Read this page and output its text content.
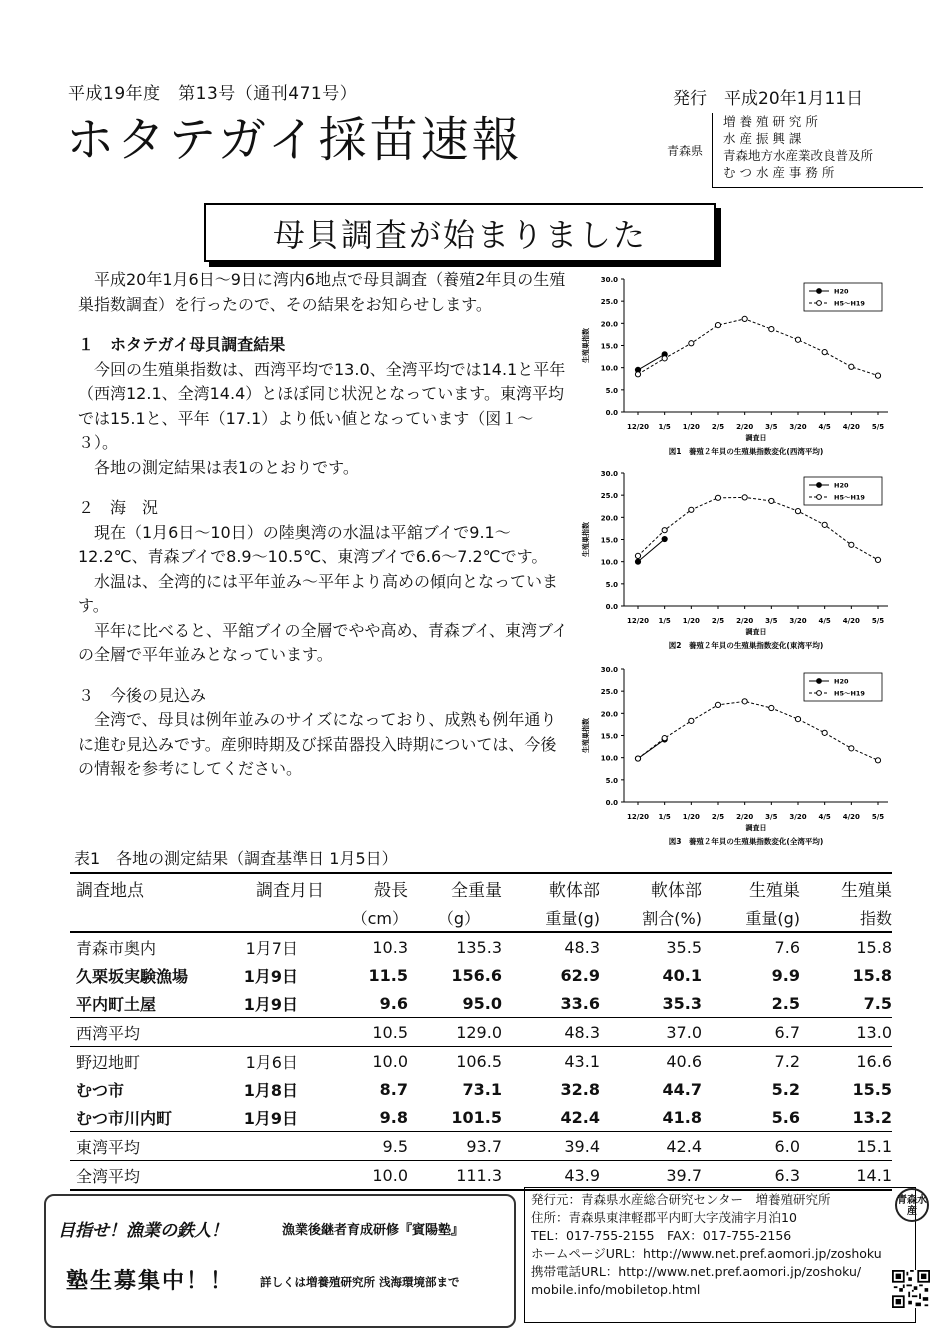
平成19年度　第13号（通刊471号）	発行　平成20年1月11日
ホタテガイ採苗速報	青森県
増 養 殖 研 究 所
水 産 振 興 課
青森地方水産業改良普及所
む つ 水 産 事 務 所
母貝調査が始まりました

平成20年1月6日～9日に湾内6地点で母貝調査（養殖2年貝の生殖巣指数調査）を行ったので、その結果をお知らせします。

１　ホタテガイ母貝調査結果

今回の生殖巣指数は、西湾平均で13.0、全湾平均では14.1と平年（西湾12.1、全湾14.4）とほぼ同じ状況となっています。東湾平均では15.1と、平年（17.1）より低い値となっています（図１～３）。

各地の測定結果は表1のとおりです。

２　海　況

現在（1月6日～10日）の陸奥湾の水温は平舘ブイで9.1～12.2℃、青森ブイで8.9～10.5℃、東湾ブイで6.6～7.2℃です。

水温は、全湾的には平年並み～平年より高めの傾向となっています。

平年に比べると、平舘ブイの全層でやや高め、青森ブイ、東湾ブイの全層で平年並みとなっています。

３　今後の見込み

全湾で、母貝は例年並みのサイズになっており、成熟も例年通りに進む見込みです。産卵時期及び採苗器投入時期については、今後の情報を参考にしてください。

0.0
5.0
10.0
15.0
20.0
25.0
30.0
12/20 1/5 1/20 2/5 2/20 3/5 3/20 4/5 4/20 5/5
調査日
生殖巣指数
図1　養殖２年貝の生殖巣指数変化(西湾平均)
H20
H5～H19
0.0
5.0
10.0
15.0
20.0
25.0
30.0
12/20 1/5 1/20 2/5 2/20 3/5 3/20 4/5 4/20 5/5
調査日
生殖巣指数
図2　養殖２年貝の生殖巣指数変化(東湾平均)
H20
H5～H19
0.0
5.0
10.0
15.0
20.0
25.0
30.0
12/20 1/5 1/20 2/5 2/20 3/5 3/20 4/5 4/20 5/5
調査日
生殖巣指数
図3　養殖２年貝の生殖巣指数変化(全湾平均)
H20
H5～H19
表1　各地の測定結果（調査基準日 1月5日）
調査地点	調査月日	殻長	全重量	軟体部	軟体部	生殖巣	生殖巣
		（cm）	（g）	重量(g)	割合(%)	重量(g)	指数
青森市奥内	1月7日	10.3	135.3	48.3	35.5	7.6	15.8
久栗坂実験漁場	1月9日	11.5	156.6	62.9	40.1	9.9	15.8
平内町土屋	1月9日	9.6	95.0	33.6	35.3	2.5	7.5
西湾平均		10.5	129.0	48.3	37.0	6.7	13.0
野辺地町	1月6日	10.0	106.5	43.1	40.6	7.2	16.6
むつ市	1月8日	8.7	73.1	32.8	44.7	5.2	15.5
むつ市川内町	1月9日	9.8	101.5	42.4	41.8	5.6	13.2
東湾平均		9.5	93.7	39.4	42.4	6.0	15.1
全湾平均		10.0	111.3	43.9	39.7	6.3	14.1
目指せ！漁業の鉄人！	漁業後継者育成研修『賓陽塾』
塾生募集中！！ 詳しくは増養殖研究所 浅海環境部まで
発行元：青森県水産総合研究センター　増養殖研究所
住所：青森県東津軽郡平内町大字茂浦字月泊10
TEL：017-755-2155　FAX：017-755-2156
ホームページURL：http://www.net.pref.aomori.jp/zoshoku
携帯電話URL：http://www.net.pref.aomori.jp/zoshoku/
mobile.info/mobiletop.html
青森水産
